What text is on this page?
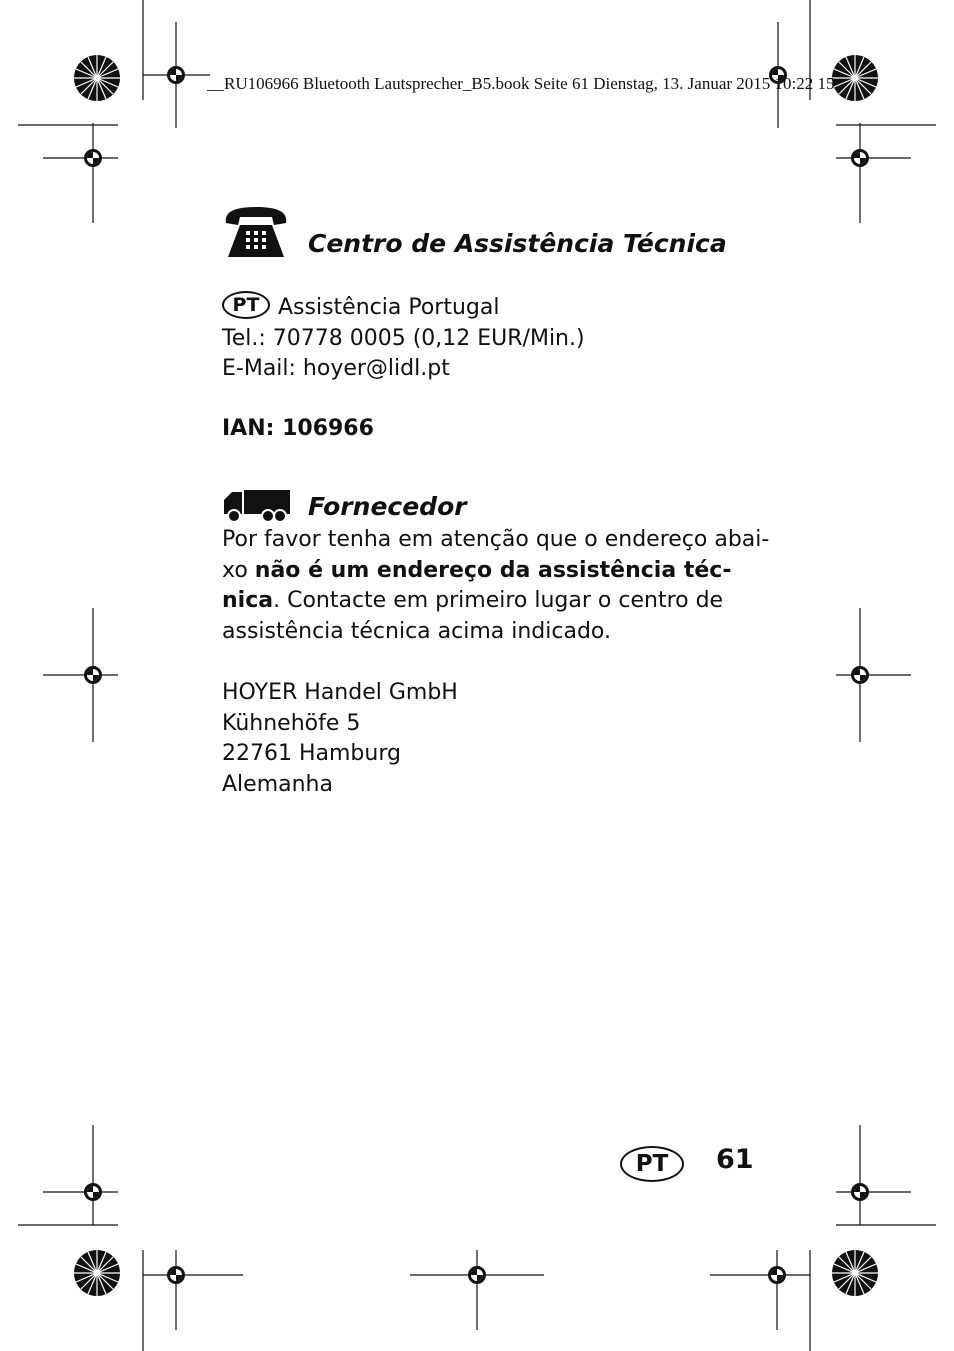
__RU106966 Bluetooth Lautsprecher_B5.book Seite 61 Dienstag, 13. Januar 2015 10:22 15
Centro de Assistência Técnica
PT Assistência Portugal
Tel.: 70778 0005 (0,12 EUR/Min.)
E-Mail: hoyer@lidl.pt
IAN: 106966
Fornecedor
Por favor tenha em atenção que o endereço abai-
xo não é um endereço da assistência téc-
nica. Contacte em primeiro lugar o centro de
assistência técnica acima indicado.
HOYER Handel GmbH
Kühnehöfe 5
22761 Hamburg
Alemanha
PT	61
